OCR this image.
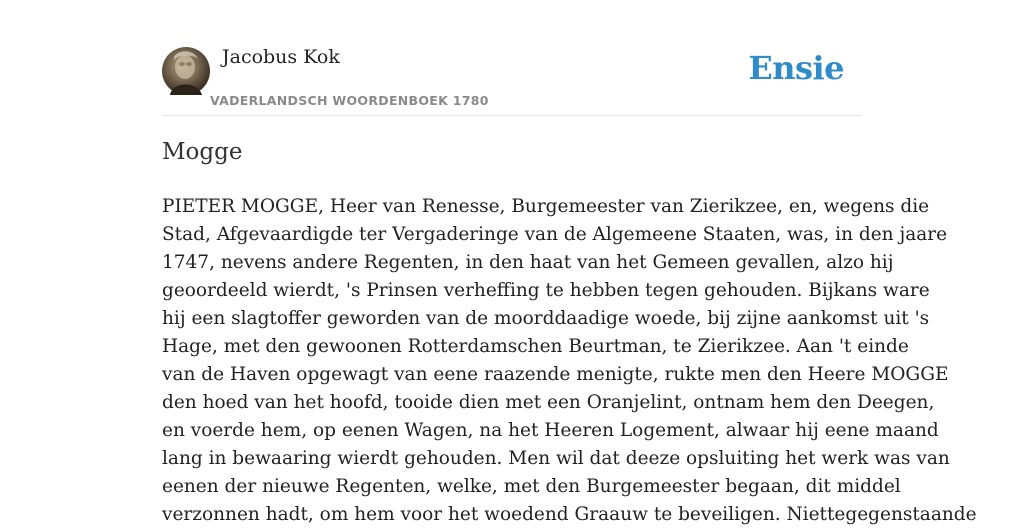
Jacobus Kok
VADERLANDSCH WOORDENBOEK 1780
Ensie
Mogge
PIETER MOGGE, Heer van Renesse, Burgemeester van Zierikzee, en, wegens die
Stad, Afgevaardigde ter Vergaderinge van de Algemeene Staaten, was, in den jaare
1747, nevens andere Regenten, in den haat van het Gemeen gevallen, alzo hij
geoordeeld wierdt, 's Prinsen verheffing te hebben tegen gehouden. Bijkans ware
hij een slagtoffer geworden van de moorddaadige woede, bij zijne aankomst uit 's
Hage, met den gewoonen Rotterdamschen Beurtman, te Zierikzee. Aan 't einde
van de Haven opgewagt van eene raazende menigte, rukte men den Heere MOGGE
den hoed van het hoofd, tooide dien met een Oranjelint, ontnam hem den Deegen,
en voerde hem, op eenen Wagen, na het Heeren Logement, alwaar hij eene maand
lang in bewaaring wierdt gehouden. Men wil dat deeze opsluiting het werk was van
eenen der nieuwe Regenten, welke, met den Burgemeester begaan, dit middel
verzonnen hadt, om hem voor het woedend Graauw te beveiligen. Niettegegenstaande
